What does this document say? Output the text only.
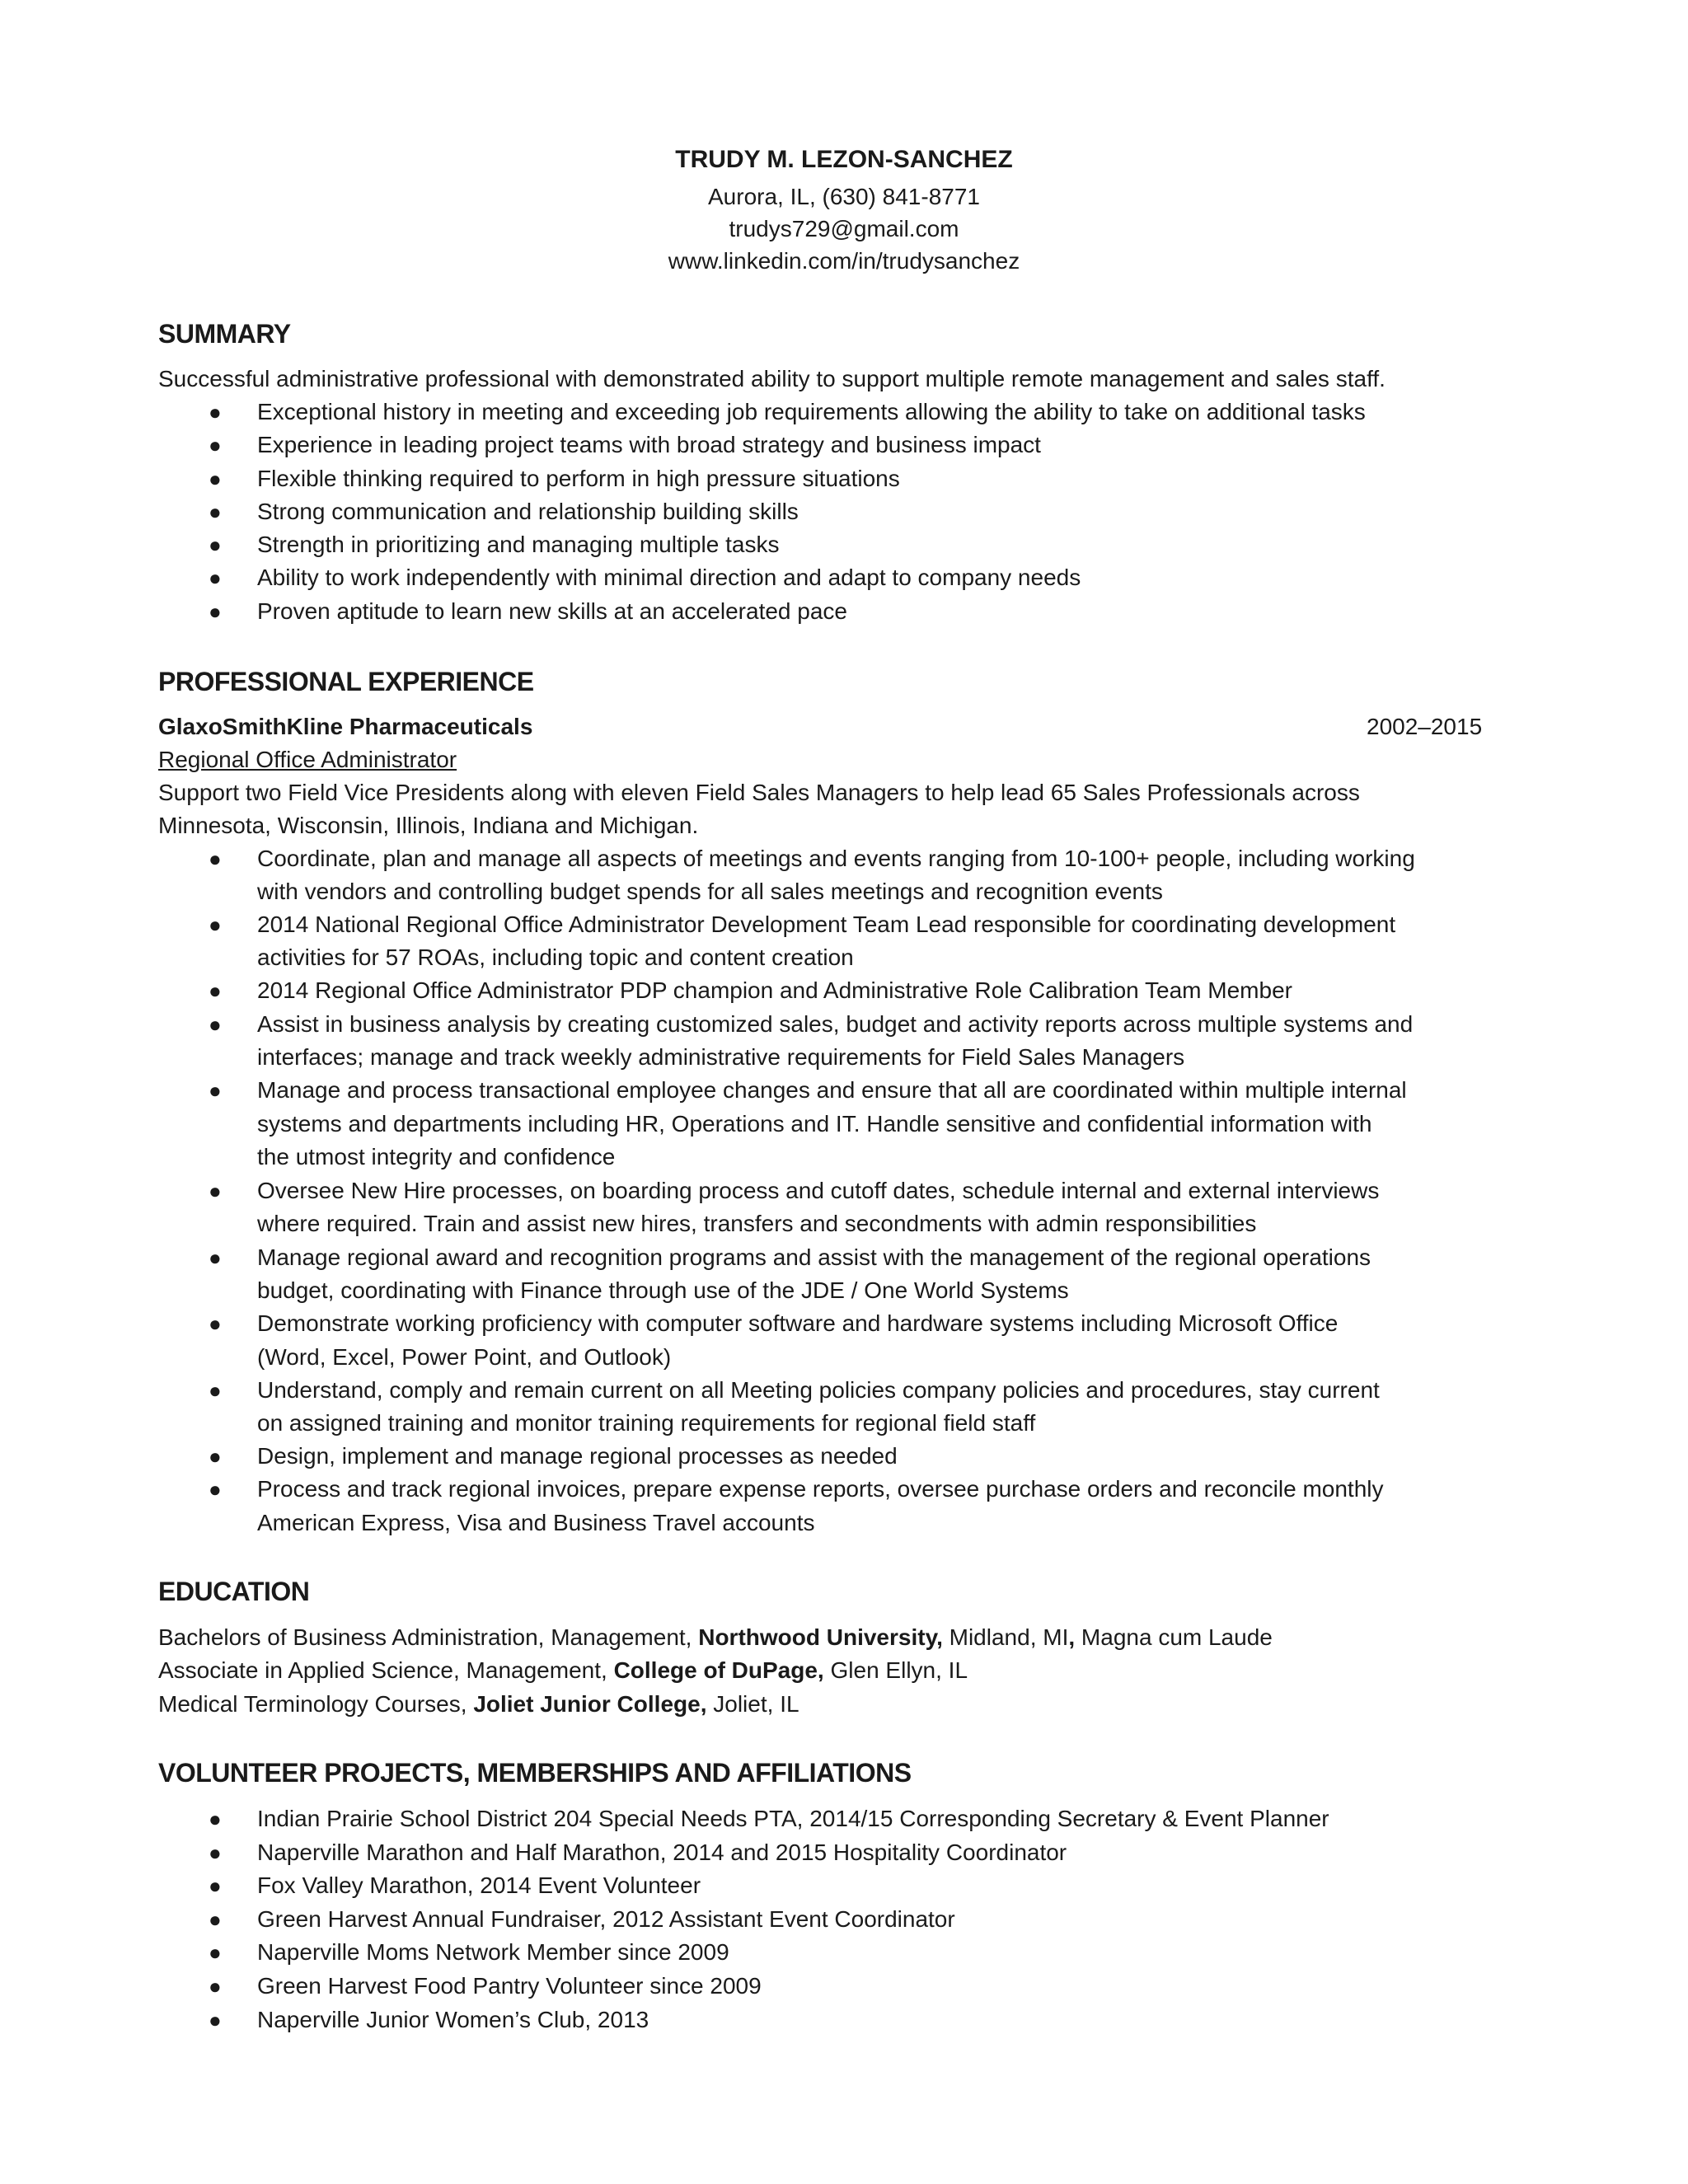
TRUDY M. LEZON-SANCHEZ
Aurora, IL, (630) 841-8771
trudys729@gmail.com
www.linkedin.com/in/trudysanchez
SUMMARY
Successful administrative professional with demonstrated ability to support multiple remote management and sales staff.
● Exceptional history in meeting and exceeding job requirements allowing the ability to take on additional tasks
● Experience in leading project teams with broad strategy and business impact
● Flexible thinking required to perform in high pressure situations
● Strong communication and relationship building skills
● Strength in prioritizing and managing multiple tasks
● Ability to work independently with minimal direction and adapt to company needs
● Proven aptitude to learn new skills at an accelerated pace
PROFESSIONAL EXPERIENCE
GlaxoSmithKline Pharmaceuticals	2002–2015
Regional Office Administrator
Support two Field Vice Presidents along with eleven Field Sales Managers to help lead 65 Sales Professionals across
Minnesota, Wisconsin, Illinois, Indiana and Michigan.
● Coordinate, plan and manage all aspects of meetings and events ranging from 10-100+ people, including working
with vendors and controlling budget spends for all sales meetings and recognition events
● 2014 National Regional Office Administrator Development Team Lead responsible for coordinating development
activities for 57 ROAs, including topic and content creation
● 2014 Regional Office Administrator PDP champion and Administrative Role Calibration Team Member
● Assist in business analysis by creating customized sales, budget and activity reports across multiple systems and
interfaces; manage and track weekly administrative requirements for Field Sales Managers
● Manage and process transactional employee changes and ensure that all are coordinated within multiple internal
systems and departments including HR, Operations and IT. Handle sensitive and confidential information with
the utmost integrity and confidence
● Oversee New Hire processes, on boarding process and cutoff dates, schedule internal and external interviews
where required. Train and assist new hires, transfers and secondments with admin responsibilities
● Manage regional award and recognition programs and assist with the management of the regional operations
budget, coordinating with Finance through use of the JDE / One World Systems
● Demonstrate working proficiency with computer software and hardware systems including Microsoft Office
(Word, Excel, Power Point, and Outlook)
● Understand, comply and remain current on all Meeting policies company policies and procedures, stay current
on assigned training and monitor training requirements for regional field staff
● Design, implement and manage regional processes as needed
● Process and track regional invoices, prepare expense reports, oversee purchase orders and reconcile monthly
American Express, Visa and Business Travel accounts
EDUCATION
Bachelors of Business Administration, Management, Northwood University, Midland, MI, Magna cum Laude
Associate in Applied Science, Management, College of DuPage, Glen Ellyn, IL
Medical Terminology Courses, Joliet Junior College, Joliet, IL
VOLUNTEER PROJECTS, MEMBERSHIPS AND AFFILIATIONS
● Indian Prairie School District 204 Special Needs PTA, 2014/15 Corresponding Secretary & Event Planner
● Naperville Marathon and Half Marathon, 2014 and 2015 Hospitality Coordinator
● Fox Valley Marathon, 2014 Event Volunteer
● Green Harvest Annual Fundraiser, 2012 Assistant Event Coordinator
● Naperville Moms Network Member since 2009
● Green Harvest Food Pantry Volunteer since 2009
● Naperville Junior Women’s Club, 2013
